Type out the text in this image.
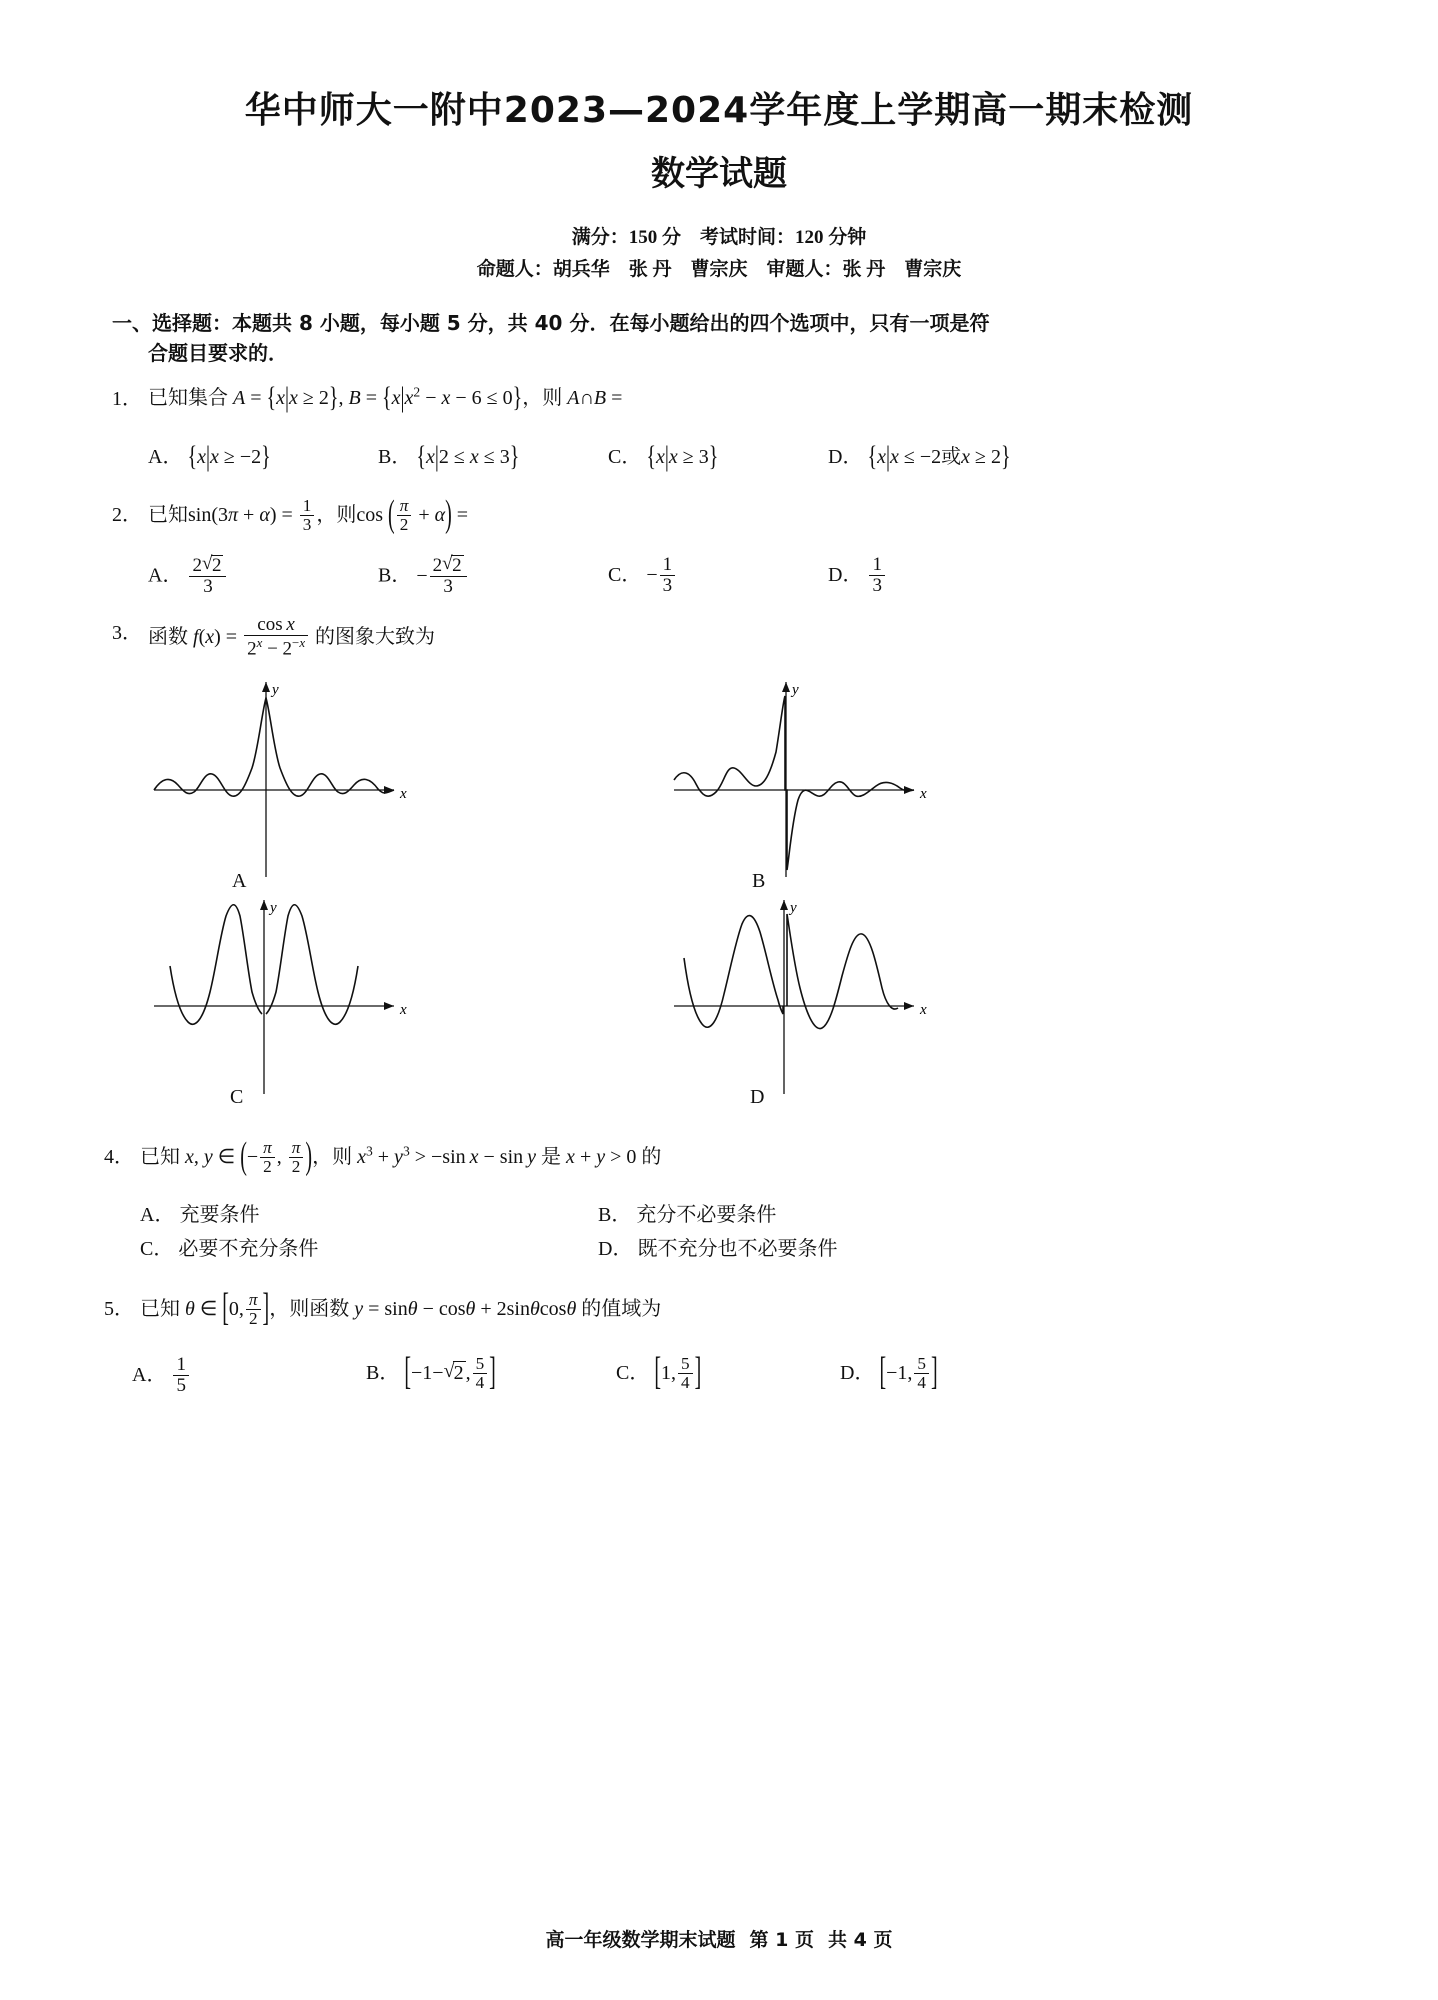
华中师大一附中2023—2024学年度上学期高一期末检测
数学试题
满分：150 分　考试时间：120 分钟
命题人：胡兵华　张 丹　曹宗庆　审题人：张 丹　曹宗庆
一、选择题：本题共 8 小题，每小题 5 分，共 40 分．在每小题给出的四个选项中，只有一项是符
合题目要求的．
1． 已知集合 A = {x|x ≥ 2}, $B = \{x|x^2 - x - 6 \le 0\}$，则 A∩B =
A． {x|x ≥ −2}	B． {x|2 ≤ x ≤ 3}	C． {x|x ≥ 3}	D． {x|x ≤ −2或x ≥ 2}
2． 已知$\sin(3\pi + \alpha) = \frac{1}{3}$ ，则cos ( $\frac{\pi}{2} + \alpha$) =
A． $\frac{2 √ 2}{3}$	B． − $\frac{2 √ 2}{3}$	C． − $\frac{1}{3}$	D． $\frac{1}{3}$
3． 函数 $f(x) = \frac{\text{cos x}}{2^x - 2^{-x}}$ 的图象大致为
y
x
A
y
x
B
y
x
C
y
x
D
4． 已知 x, y ∈ (− $\frac{\pi}{2}$ , $\frac{\pi}{2}$ )，则 $x^3 + y^3 > -\sin$ x − sin y 是 x + y > 0 的
A． 充要条件	B． 充分不必要条件
C． 必要不充分条件	D． 既不充分也不必要条件
5． 已知 θ ∈ [0, $\frac{\pi}{2}$ ]，则函数 y = sinθ − cosθ + 2sinθcosθ 的值域为
A． $\frac{1}{5}$	B． [−1− √ 2 , $\frac{5}{4}$ ]	C． [1, $\frac{5}{4}$ ]	D． [−1, $\frac{5}{4}$ ]
高一年级数学期末试题 第 1 页 共 4 页
